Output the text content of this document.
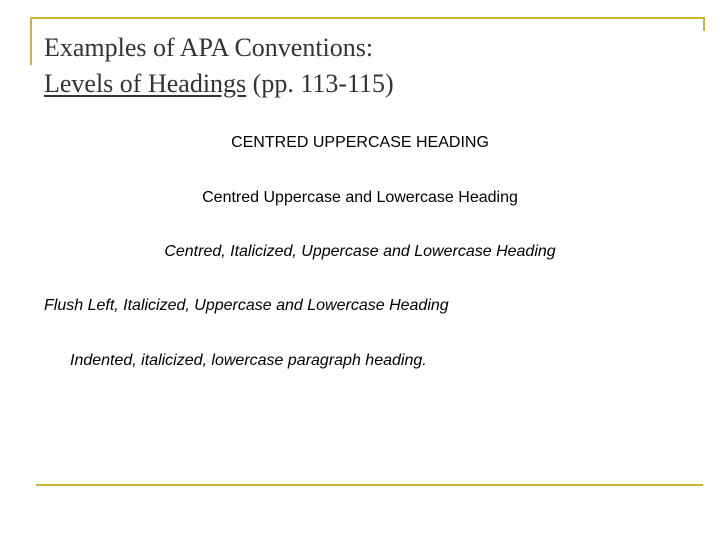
Examples of APA Conventions:
Levels of Headings (pp. 113-115)
CENTRED UPPERCASE HEADING
Centred Uppercase and Lowercase Heading
Centred, Italicized, Uppercase and Lowercase Heading
Flush Left, Italicized, Uppercase and Lowercase Heading
Indented, italicized, lowercase paragraph heading.
